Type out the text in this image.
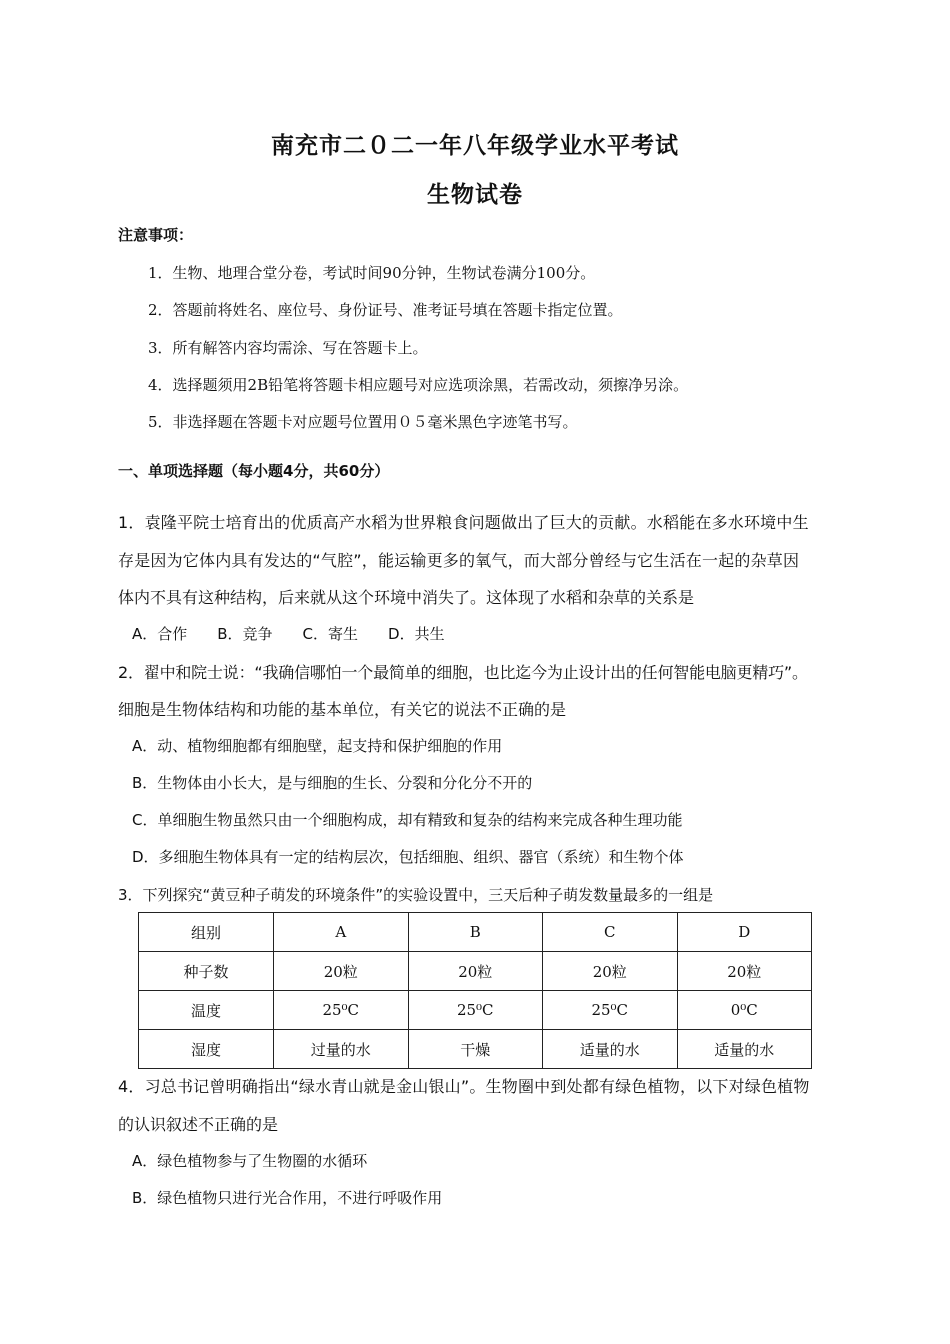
南充市二０二一年八年级学业水平考试
生物试卷
注意事项：
1．生物、地理合堂分卷，考试时间90分钟，生物试卷满分100分。
2．答题前将姓名、座位号、身份证号、准考证号填在答题卡指定位置。
3．所有解答内容均需涂、写在答题卡上。
4．选择题须用2B铅笔将答题卡相应题号对应选项涂黑，若需改动，须擦净另涂。
5．非选择题在答题卡对应题号位置用０５毫米黑色字迹笔书写。
一、单项选择题（每小题4分，共60分）
1．袁隆平院士培育出的优质高产水稻为世界粮食问题做出了巨大的贡献。水稻能在多水环境中生
存是因为它体内具有发达的“气腔”，能运输更多的氧气，而大部分曾经与它生活在一起的杂草因
体内不具有这种结构，后来就从这个环境中消失了。这体现了水稻和杂草的关系是
A．合作　　B．竞争　　C．寄生　　D．共生
2．翟中和院士说：“我确信哪怕一个最简单的细胞，也比迄今为止设计出的任何智能电脑更精巧”。
细胞是生物体结构和功能的基本单位，有关它的说法不正确的是
A．动、植物细胞都有细胞壁，起支持和保护细胞的作用
B．生物体由小长大，是与细胞的生长、分裂和分化分不开的
C．单细胞生物虽然只由一个细胞构成，却有精致和复杂的结构来完成各种生理功能
D．多细胞生物体具有一定的结构层次，包括细胞、组织、器官（系统）和生物个体
3．下列探究“黄豆种子萌发的环境条件”的实验设置中，三天后种子萌发数量最多的一组是
组别	A	B	C	D
种子数	20粒	20粒	20粒	20粒
温度	25⁰C	25⁰C	25⁰C	0⁰C
湿度	过量的水	干燥	适量的水	适量的水
4．习总书记曾明确指出“绿水青山就是金山银山”。生物圈中到处都有绿色植物，以下对绿色植物
的认识叙述不正确的是
A．绿色植物参与了生物圈的水循环
B．绿色植物只进行光合作用，不进行呼吸作用
